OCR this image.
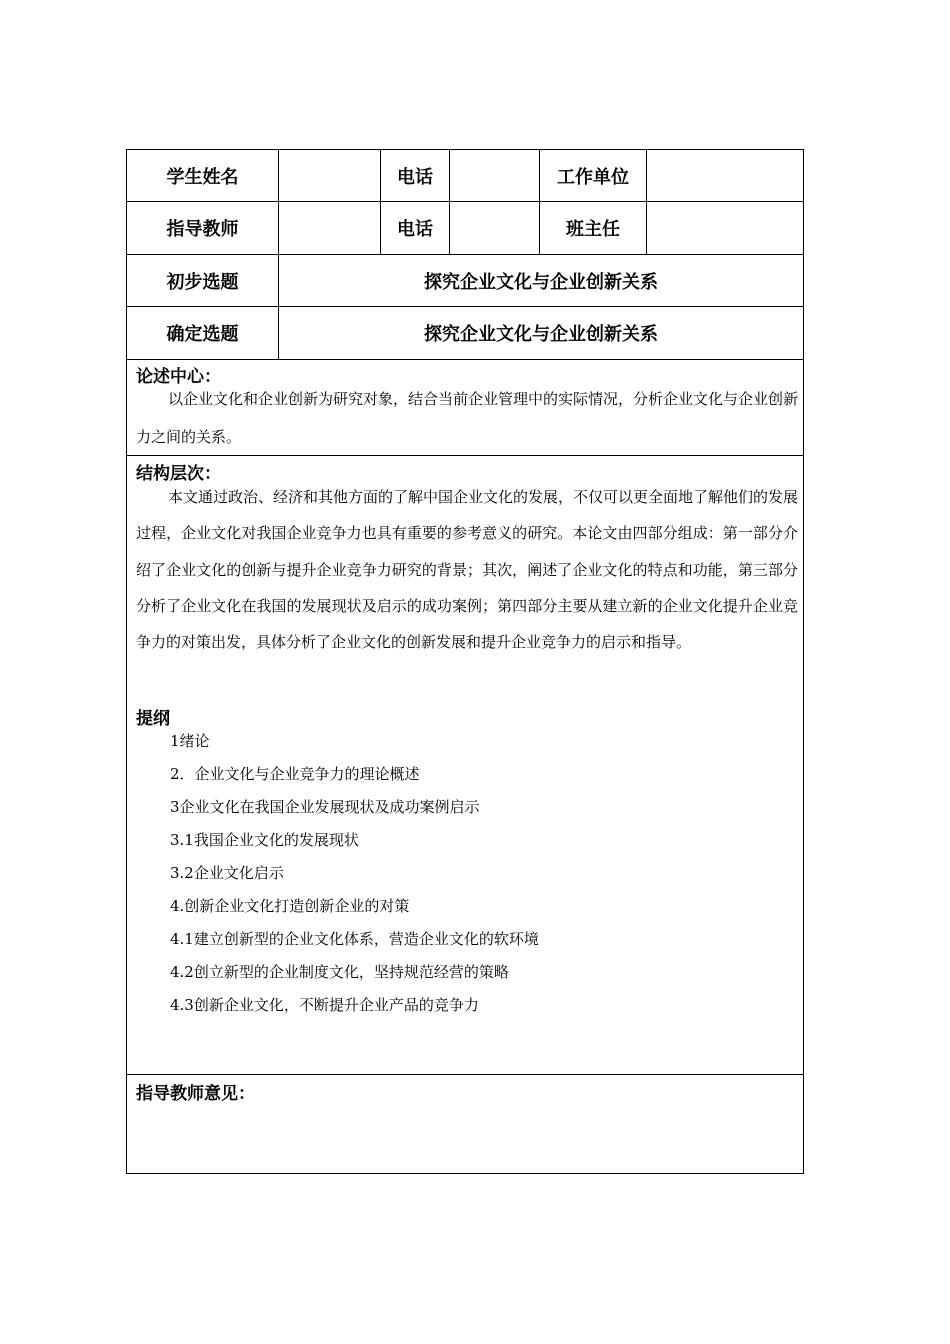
学生姓名	电话	工作单位
指导教师	电话	班主任
初步选题	探究企业文化与企业创新关系
确定选题	探究企业文化与企业创新关系
论述中心：
以企业文化和企业创新为研究对象，结合当前企业管理中的实际情况，分析企业文化与企业创新力之间的关系。
结构层次：
本文通过政治、经济和其他方面的了解中国企业文化的发展，不仅可以更全面地了解他们的发展过程，企业文化对我国企业竞争力也具有重要的参考意义的研究。本论文由四部分组成：第一部分介绍了企业文化的创新与提升企业竞争力研究的背景；其次，阐述了企业文化的特点和功能，第三部分分析了企业文化在我国的发展现状及启示的成功案例；第四部分主要从建立新的企业文化提升企业竞争力的对策出发，具体分析了企业文化的创新发展和提升企业竞争力的启示和指导。
提纲
1绪论
2．企业文化与企业竞争力的理论概述
3企业文化在我国企业发展现状及成功案例启示
3.1我国企业文化的发展现状
3.2企业文化启示
4.创新企业文化打造创新企业的对策
4.1建立创新型的企业文化体系，营造企业文化的软环境
4.2创立新型的企业制度文化，坚持规范经营的策略
4.3创新企业文化，不断提升企业产品的竞争力
指导教师意见：
